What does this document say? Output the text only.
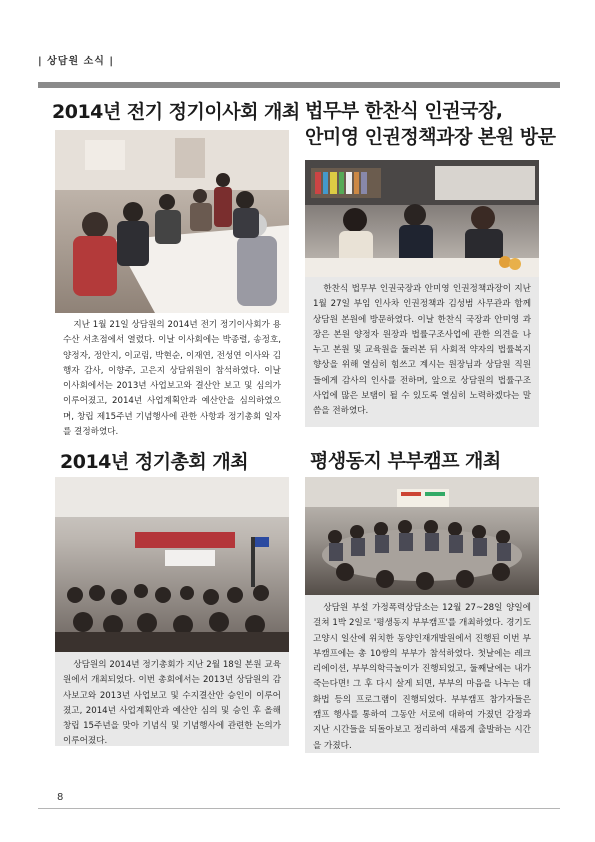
| 상담원 소식 |
2014년 전기 정기이사회 개최

지난 1월 21일 상담원의 2014년 전기 정기이사회가 용수산 서초점에서 열렸다. 이날 이사회에는 박종렬, 송정호, 양정자, 정안지, 이교림, 박현순, 이재연, 전성연 이사와 김행자 감사, 이향주, 고은지 상담위원이 참석하였다. 이날 이사회에서는 2013년 사업보고와 결산안 보고 및 심의가 이루어졌고, 2014년 사업계획안과 예산안을 심의하였으며, 창립 제15주년 기념행사에 관한 사항과 정기총회 일자를 결정하였다.

법무부 한찬식 인권국장,
안미영 인권정책과장 본원 방문

한찬식 법무부 인권국장과 안미영 인권정책과장이 지난 1월 27일 부임 인사차 인권정책과 김성범 사무관과 함께 상담원 본원에 방문하였다. 이날 한찬식 국장과 안미영 과장은 본원 양정자 원장과 법률구조사업에 관한 의견을 나누고 본원 및 교육원을 둘러본 뒤 사회적 약자의 법률복지 향상을 위해 열심히 힘쓰고 계시는 원장님과 상담원 직원들에게 감사의 인사를 전하며, 앞으로 상담원의 법률구조사업에 많은 보탬이 될 수 있도록 열심히 노력하겠다는 말씀을 전하였다.

2014년 정기총회 개최

상담원의 2014년 정기총회가 지난 2월 18일 본원 교육원에서 개최되었다. 이번 총회에서는 2013년 상담원의 감사보고와 2013년 사업보고 및 수지결산안 승인이 이루어졌고, 2014년 사업계획안과 예산안 심의 및 승인 후 올해 창립 15주년을 맞아 기념식 및 기념행사에 관련한 논의가 이루어졌다.

평생동지 부부캠프 개최

상담원 부설 가정폭력상담소는 12월 27~28일 양일에 걸쳐 1박 2일로 '평생동지 부부캠프'를 개최하였다. 경기도 고양시 일산에 위치한 동양인재개발원에서 진행된 이번 부부캠프에는 총 10쌍의 부부가 참석하였다. 첫날에는 레크리에이션, 부부의학극놀이가 진행되었고, 둘째날에는 내가 죽는다면! 그 후 다시 살게 되면, 부부의 마음을 나누는 대화법 등의 프로그램이 진행되었다. 부부캠프 참가자들은 캠프 행사를 통하여 그동안 서로에 대하여 가졌던 감정과 지난 시간들을 되돌아보고 정리하여 새롭게 출발하는 시간을 가졌다.

8
